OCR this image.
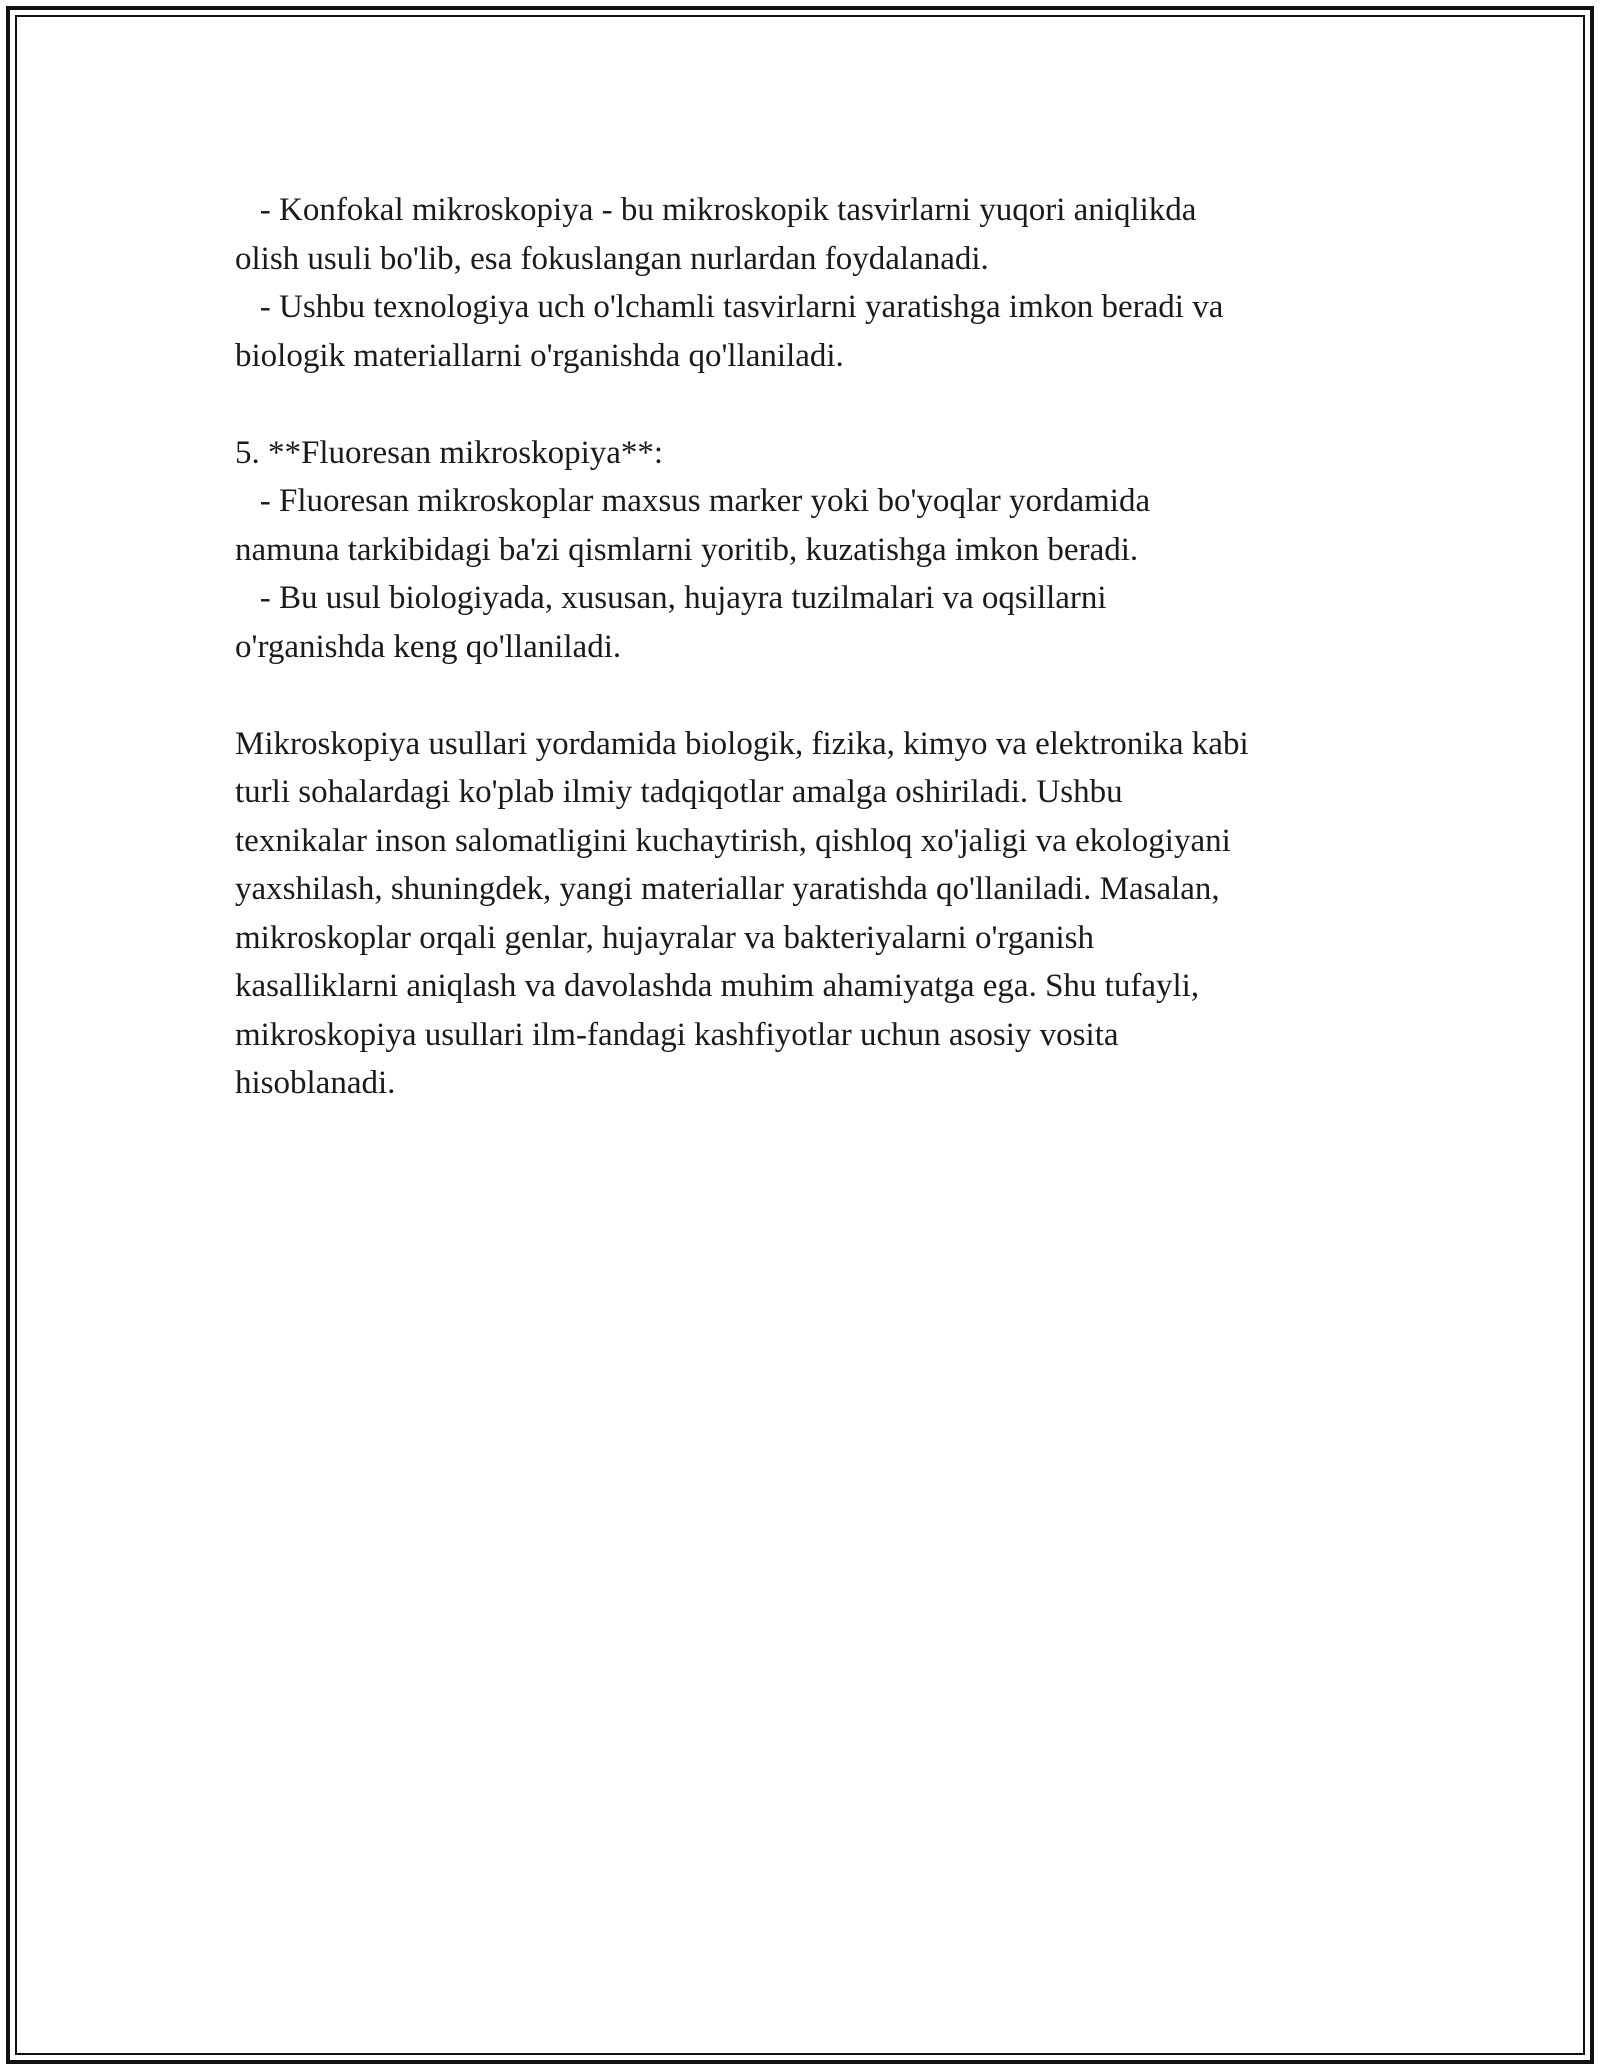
- Konfokal mikroskopiya - bu mikroskopik tasvirlarni yuqori aniqlikda
olish usuli bo'lib, esa fokuslangan nurlardan foydalanadi.
- Ushbu texnologiya uch o'lchamli tasvirlarni yaratishga imkon beradi va
biologik materiallarni o'rganishda qo'llaniladi.
5. **Fluoresan mikroskopiya**:
- Fluoresan mikroskoplar maxsus marker yoki bo'yoqlar yordamida
namuna tarkibidagi ba'zi qismlarni yoritib, kuzatishga imkon beradi.
- Bu usul biologiyada, xususan, hujayra tuzilmalari va oqsillarni
o'rganishda keng qo'llaniladi.
Mikroskopiya usullari yordamida biologik, fizika, kimyo va elektronika kabi
turli sohalardagi ko'plab ilmiy tadqiqotlar amalga oshiriladi. Ushbu
texnikalar inson salomatligini kuchaytirish, qishloq xo'jaligi va ekologiyani
yaxshilash, shuningdek, yangi materiallar yaratishda qo'llaniladi. Masalan,
mikroskoplar orqali genlar, hujayralar va bakteriyalarni o'rganish
kasalliklarni aniqlash va davolashda muhim ahamiyatga ega. Shu tufayli,
mikroskopiya usullari ilm-fandagi kashfiyotlar uchun asosiy vosita
hisoblanadi.
